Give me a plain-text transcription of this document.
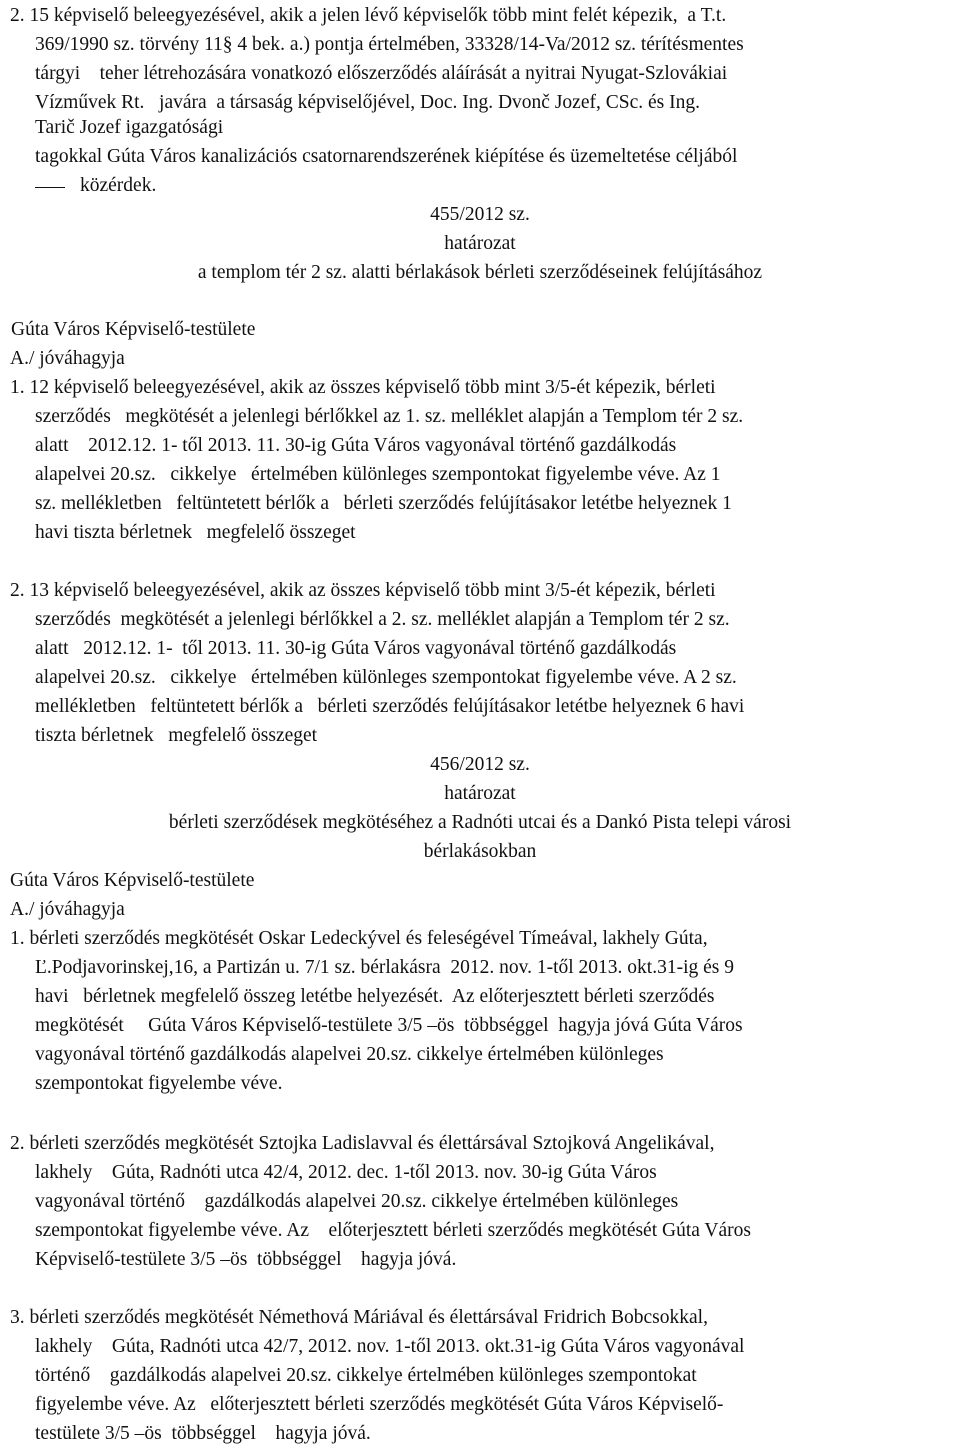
2. 15 képviselő beleegyezésével, akik a jelen lévő képviselők több mint felét képezik,  a T.t.

369/1990 sz. törvény 11§ 4 bek. a.) pontja értelmében, 33328/14-Va/2012 sz. térítésmentes

tárgyi    teher létrehozására vonatkozó előszerződés aláírását a nyitrai Nyugat-Szlovákiai

Vízművek Rt.   javára  a társaság képviselőjével, Doc. Ing. Dvonč Jozef, CSc. és Ing.

Tarič Jozef igazgatósági

tagokkal Gúta Város kanalizációs csatornarendszerének kiépítése és üzemeltetése céljából

közérdek.

455/2012 sz.

határozat

a templom tér 2 sz. alatti bérlakások bérleti szerződéseinek felújításához

Gúta Város Képviselő-testülete

A./ jóváhagyja

1. 12 képviselő beleegyezésével, akik az összes képviselő több mint 3/5-ét képezik, bérleti

szerződés   megkötését a jelenlegi bérlőkkel az 1. sz. melléklet alapján a Templom tér 2 sz.

alatt    2012.12. 1- től 2013. 11. 30-ig Gúta Város vagyonával történő gazdálkodás

alapelvei 20.sz.   cikkelye   értelmében különleges szempontokat figyelembe véve. Az 1

sz. mellékletben   feltüntetett bérlők a   bérleti szerződés felújításakor letétbe helyeznek 1

havi tiszta bérletnek   megfelelő összeget

2. 13 képviselő beleegyezésével, akik az összes képviselő több mint 3/5-ét képezik, bérleti

szerződés  megkötését a jelenlegi bérlőkkel a 2. sz. melléklet alapján a Templom tér 2 sz.

alatt   2012.12. 1-  től 2013. 11. 30-ig Gúta Város vagyonával történő gazdálkodás

alapelvei 20.sz.   cikkelye   értelmében különleges szempontokat figyelembe véve. A 2 sz.

mellékletben   feltüntetett bérlők a   bérleti szerződés felújításakor letétbe helyeznek 6 havi

tiszta bérletnek   megfelelő összeget

456/2012 sz.

határozat

bérleti szerződések megkötéséhez a Radnóti utcai és a Dankó Pista telepi városi

bérlakásokban

Gúta Város Képviselő-testülete

A./ jóváhagyja

1. bérleti szerződés megkötését Oskar Ledeckývel és feleségével Tímeával, lakhely Gúta,

Ľ.Podjavorinskej,16, a Partizán u. 7/1 sz. bérlakásra  2012. nov. 1-től 2013. okt.31-ig és 9

havi   bérletnek megfelelő összeg letétbe helyezését.  Az előterjesztett bérleti szerződés

megkötését     Gúta Város Képviselő-testülete 3/5 –ös  többséggel  hagyja jóvá Gúta Város

vagyonával történő gazdálkodás alapelvei 20.sz. cikkelye értelmében különleges

szempontokat figyelembe véve.

2. bérleti szerződés megkötését Sztojka Ladislavval és élettársával Sztojková Angelikával,

lakhely    Gúta, Radnóti utca 42/4, 2012. dec. 1-től 2013. nov. 30-ig Gúta Város

vagyonával történő    gazdálkodás alapelvei 20.sz. cikkelye értelmében különleges

szempontokat figyelembe véve. Az    előterjesztett bérleti szerződés megkötését Gúta Város

Képviselő-testülete 3/5 –ös  többséggel    hagyja jóvá.

3. bérleti szerződés megkötését Némethová Máriával és élettársával Fridrich Bobcsokkal,

lakhely    Gúta, Radnóti utca 42/7, 2012. nov. 1-től 2013. okt.31-ig Gúta Város vagyonával

történő    gazdálkodás alapelvei 20.sz. cikkelye értelmében különleges szempontokat

figyelembe véve. Az   előterjesztett bérleti szerződés megkötését Gúta Város Képviselő-

testülete 3/5 –ös  többséggel    hagyja jóvá.
